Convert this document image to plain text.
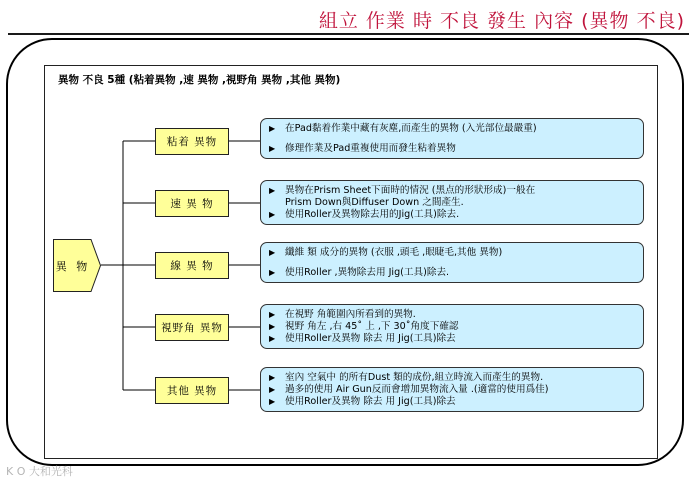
組立 作業 時 不良 發生 內容 (異物 不良)
異物 不良 5種 (粘着異物 ,速 異物 ,視野角 異物 ,其他 異物)
異 物
粘着 異物
速 異 物
線 異 物
視野角 異物
其他 異物
▶ 在Pad黏着作業中藏有灰塵,而產生的異物 (入光部位最嚴重)
▶ 修理作業及Pad重複使用而發生粘着異物
▶ 異物在Prism Sheet下面時的情況 (黑点的形狀形成)一般在
Prism Down與Diffuser Down 之間產生.
▶ 使用Roller及異物除去用的Jig(工具)除去.
▶ 纖維 類 成分的異物 (衣服 ,頭毛 ,眼睫毛,其他 異物)
▶ 使用Roller ,異物除去用 Jig(工具)除去.
▶ 在視野 角範圍內所看到的異物.
▶ 視野 角左 ,右 45˚ 上 ,下 30˚角度下確認
▶ 使用Roller及異物 除去 用 Jig(工具)除去
▶ 室內 空氣中 的所有Dust 類的成份,組立時流入而產生的異物.
▶ 過多的使用 Air Gun反而會增加異物流入量 .(適當的使用爲佳)
▶ 使用Roller及異物 除去 用 Jig(工具)除去
K O 大和光科
